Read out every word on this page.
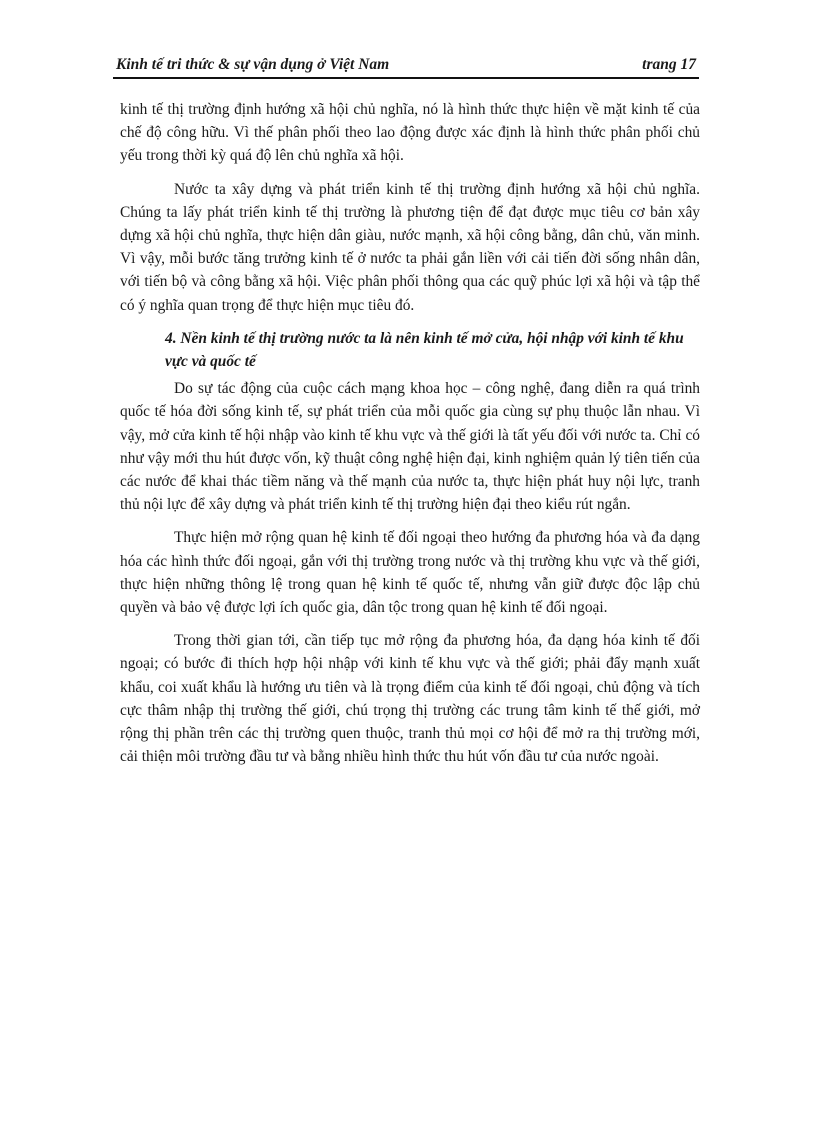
Kinh tế tri thức & sự vận dụng ở Việt Nam	trang 17

kinh tế thị trường định hướng xã hội chủ nghĩa, nó là hình thức thực hiện về mặt kinh tế của chế độ công hữu. Vì thế phân phối theo lao động được xác định là hình thức phân phối chủ yếu trong thời kỳ quá độ lên chủ nghĩa xã hội.

Nước ta xây dựng và phát triển kinh tế thị trường định hướng xã hội chủ nghĩa. Chúng ta lấy phát triển kinh tế thị trường là phương tiện để đạt được mục tiêu cơ bản xây dựng xã hội chủ nghĩa, thực hiện dân giàu, nước mạnh, xã hội công bằng, dân chủ, văn minh. Vì vậy, mỗi bước tăng trưởng kinh tế ở nước ta phải gắn liền với cải tiến đời sống nhân dân, với tiến bộ và công bằng xã hội. Việc phân phối thông qua các quỹ phúc lợi xã hội và tập thể có ý nghĩa quan trọng để thực hiện mục tiêu đó.

4. Nền kinh tế thị trường nước ta là nên kinh tế mở cửa, hội nhập với kinh tế khu vực và quốc tế

Do sự tác động của cuộc cách mạng khoa học – công nghệ, đang diễn ra quá trình quốc tế hóa đời sống kinh tế, sự phát triển của mỗi quốc gia cùng sự phụ thuộc lẫn nhau. Vì vậy, mở cửa kinh tế hội nhập vào kinh tế khu vực và thế giới là tất yếu đối với nước ta. Chỉ có như vậy mới thu hút được vốn, kỹ thuật công nghệ hiện đại, kinh nghiệm quản lý tiên tiến của các nước để khai thác tiềm năng và thế mạnh của nước ta, thực hiện phát huy nội lực, tranh thủ nội lực để xây dựng và phát triển kinh tế thị trường hiện đại theo kiểu rút ngắn.

Thực hiện mở rộng quan hệ kinh tế đối ngoại theo hướng đa phương hóa và đa dạng hóa các hình thức đối ngoại, gắn với thị trường trong nước và thị trường khu vực và thế giới, thực hiện những thông lệ trong quan hệ kinh tế quốc tế, nhưng vẫn giữ được độc lập chủ quyền và bảo vệ được lợi ích quốc gia, dân tộc trong quan hệ kinh tế đối ngoại.

Trong thời gian tới, cần tiếp tục mở rộng đa phương hóa, đa dạng hóa kinh tế đối ngoại; có bước đi thích hợp hội nhập với kinh tế khu vực và thế giới; phải đẩy mạnh xuất khẩu, coi xuất khẩu là hướng ưu tiên và là trọng điểm của kinh tế đối ngoại, chủ động và tích cực thâm nhập thị trường thế giới, chú trọng thị trường các trung tâm kinh tế thế giới, mở rộng thị phần trên các thị trường quen thuộc, tranh thủ mọi cơ hội để mở ra thị trường mới, cải thiện môi trường đầu tư và bằng nhiều hình thức thu hút vốn đầu tư của nước ngoài.
